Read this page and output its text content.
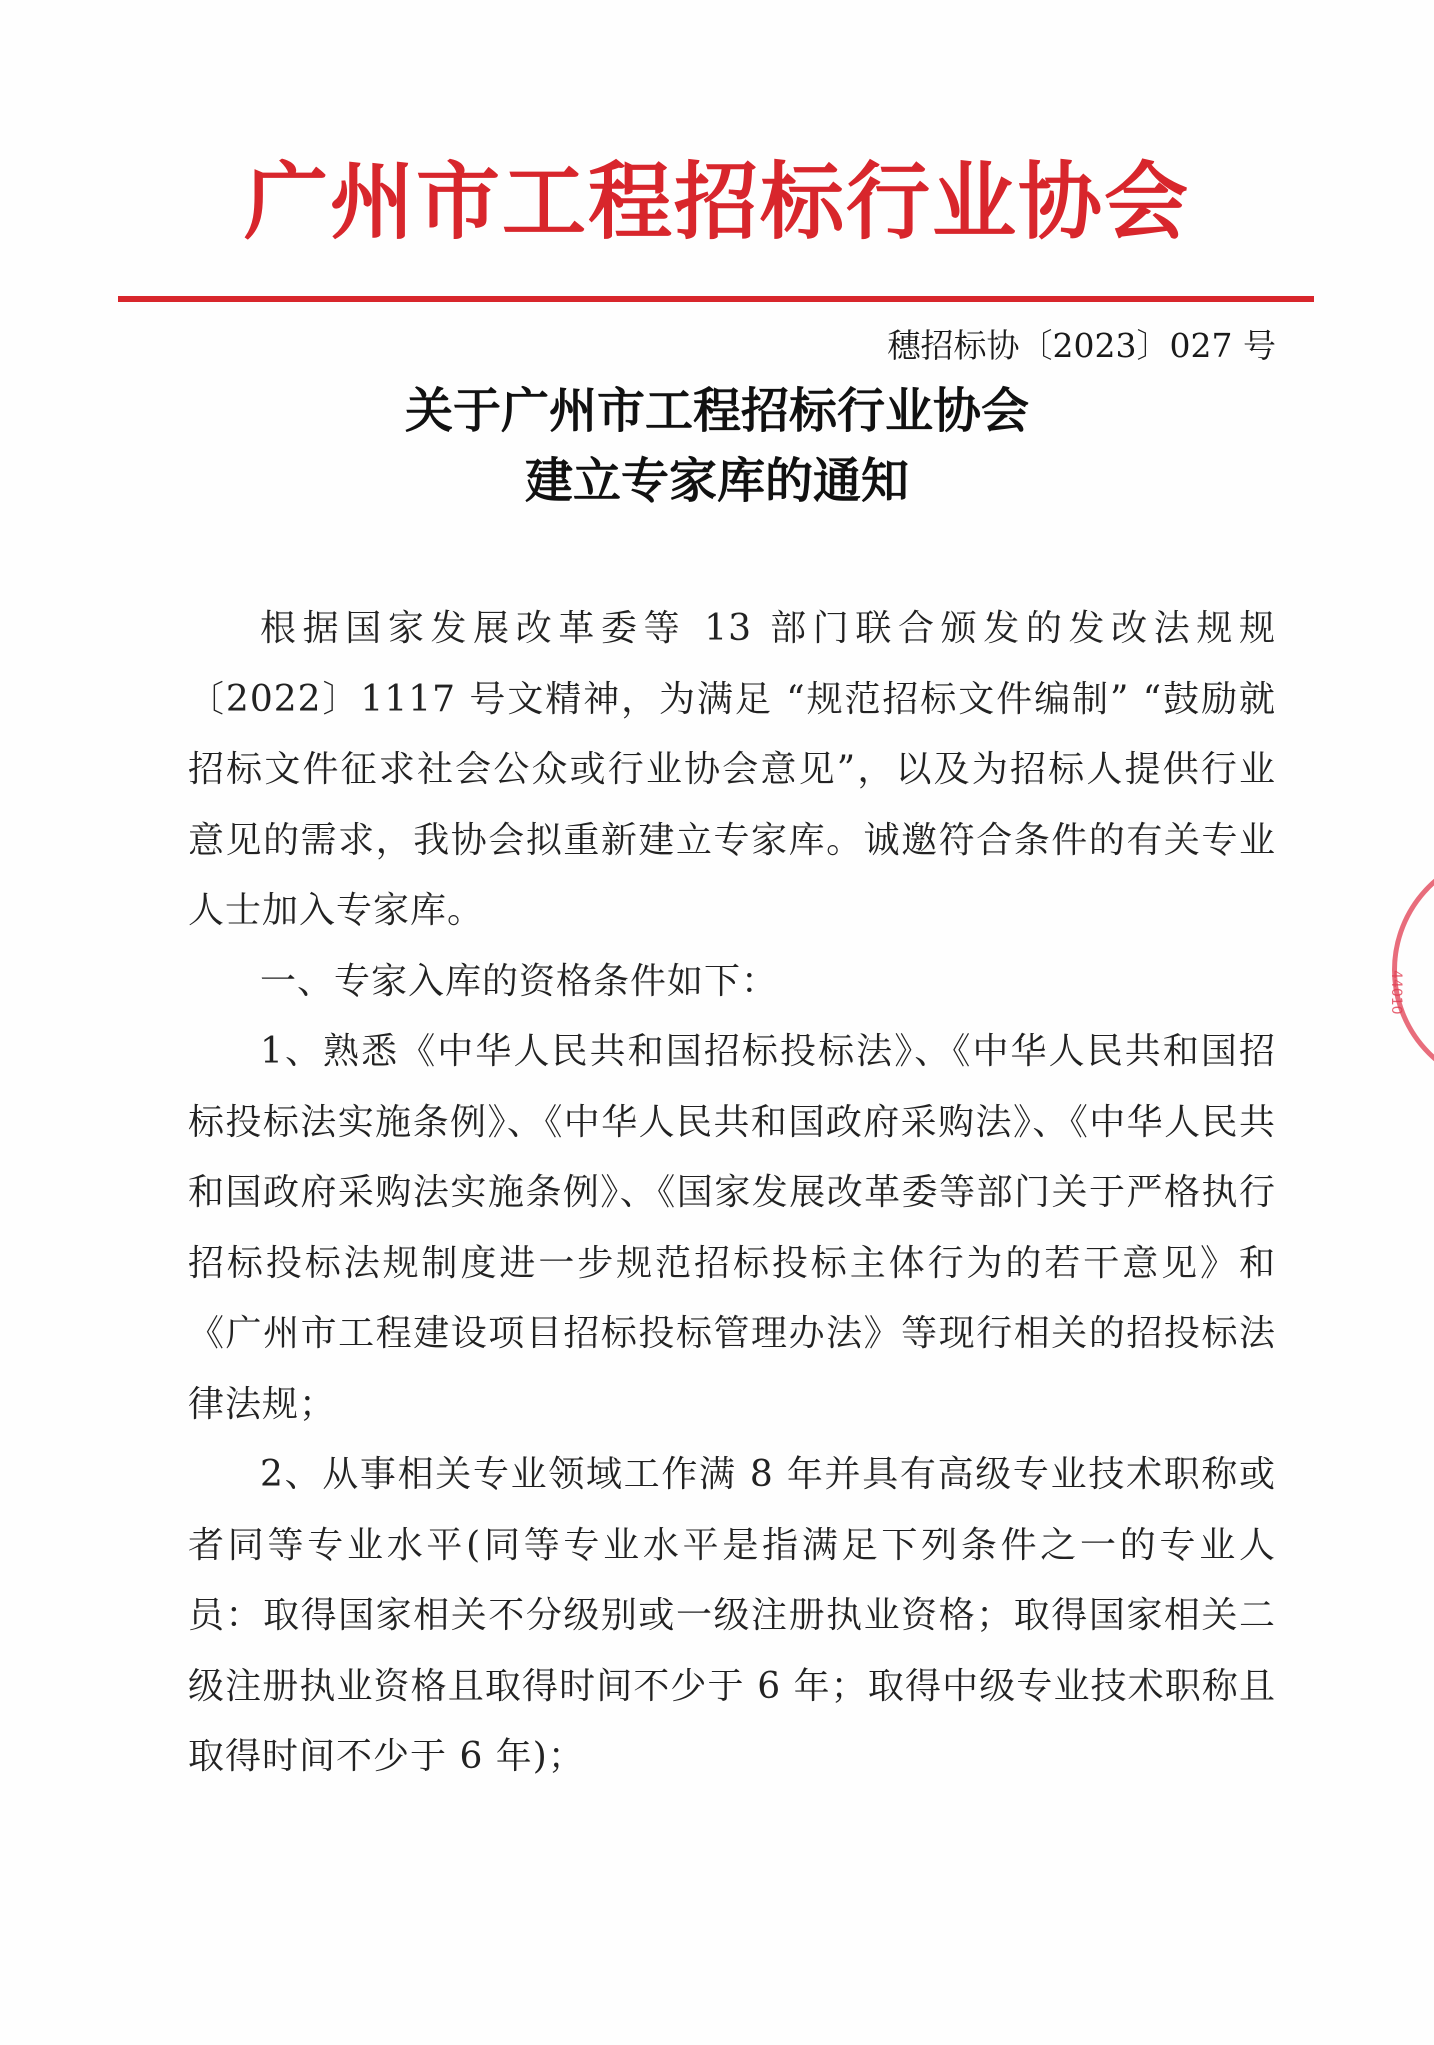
广州市工程招标行业协会
穗招标协〔2023〕027 号
关于广州市工程招标行业协会
建立专家库的通知

根据国家发展改革委等 13 部门联合颁发的发改法规规〔2022〕1117 号文精神，为满足 “规范招标文件编制” “鼓励就招标文件征求社会公众或行业协会意见”，以及为招标人提供行业意见的需求，我协会拟重新建立专家库。诚邀符合条件的有关专业人士加入专家库。

一、专家入库的资格条件如下：

1、熟悉《中华人民共和国招标投标法》、《中华人民共和国招标投标法实施条例》、《中华人民共和国政府采购法》、《中华人民共和国政府采购法实施条例》、《国家发展改革委等部门关于严格执行招标投标法规制度进一步规范招标投标主体行为的若干意见》和《广州市工程建设项目招标投标管理办法》等现行相关的招投标法律法规；

2、从事相关专业领域工作满 8 年并具有高级专业技术职称或者同等专业水平(同等专业水平是指满足下列条件之一的专业人员：取得国家相关不分级别或一级注册执业资格；取得国家相关二级注册执业资格且取得时间不少于 6 年；取得中级专业技术职称且取得时间不少于 6 年)；

44010
